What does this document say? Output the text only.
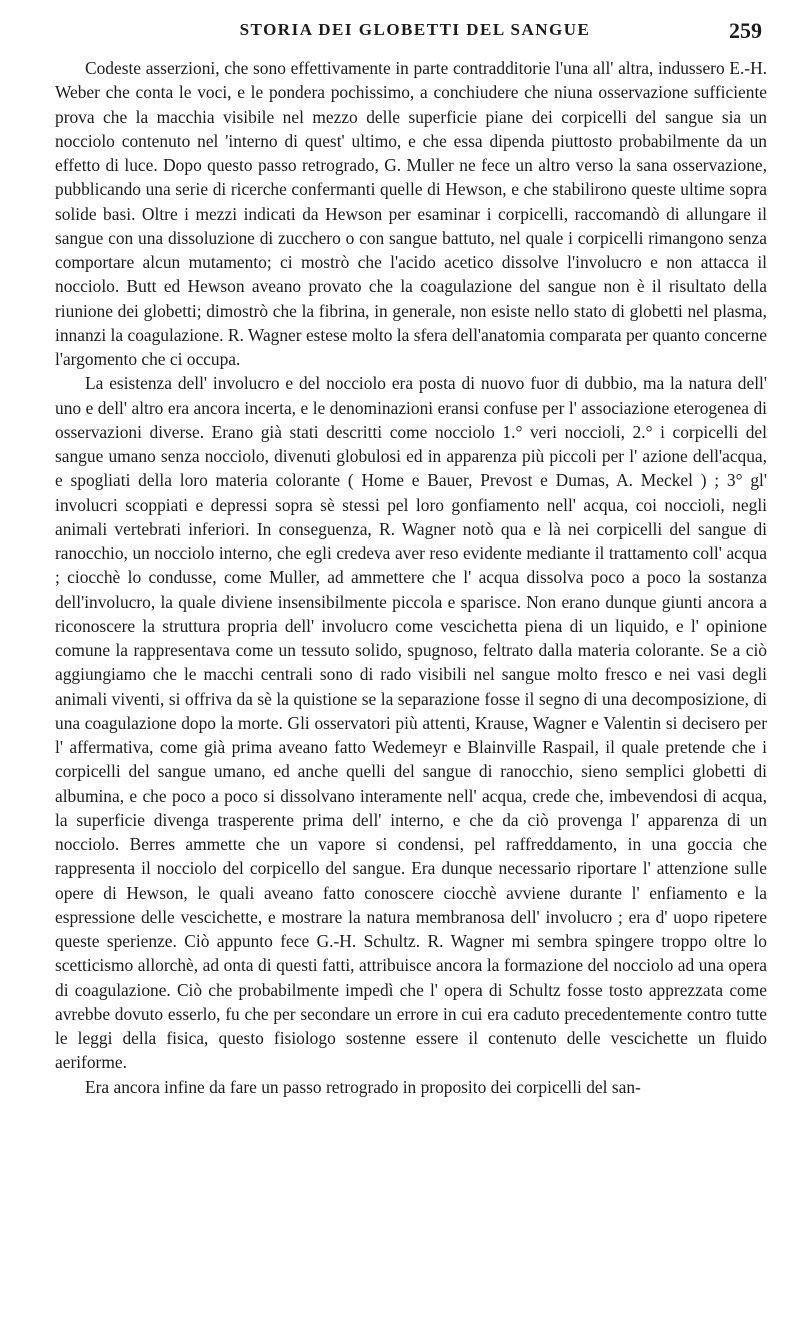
STORIA DEI GLOBETTI DEL SANGUE	259

Codeste asserzioni, che sono effettivamente in parte contradditorie l'una all' altra, indussero E.-H. Weber che conta le voci, e le pondera pochissimo, a conchiudere che niuna osservazione sufficiente prova che la macchia visibile nel mezzo delle superficie piane dei corpicelli del sangue sia un nocciolo contenuto nel 'interno di quest' ultimo, e che essa dipenda piuttosto probabilmente da un effetto di luce. Dopo questo passo retrogrado, G. Muller ne fece un altro verso la sana osservazione, pubblicando una serie di ricerche confermanti quelle di Hewson, e che stabilirono queste ultime sopra solide basi. Oltre i mezzi indicati da Hewson per esaminar i corpicelli, raccomandò di allungare il sangue con una dissoluzione di zucchero o con sangue battuto, nel quale i corpicelli rimangono senza comportare alcun mutamento; ci mostrò che l'acido acetico dissolve l'involucro e non attacca il nocciolo. Butt ed Hewson aveano provato che la coagulazione del sangue non è il risultato della riunione dei globetti; dimostrò che la fibrina, in generale, non esiste nello stato di globetti nel plasma, innanzi la coagulazione. R. Wagner estese molto la sfera dell'anatomia comparata per quanto concerne l'argomento che ci occupa.

La esistenza dell' involucro e del nocciolo era posta di nuovo fuor di dubbio, ma la natura dell' uno e dell' altro era ancora incerta, e le denominazioni eransi confuse per l' associazione eterogenea di osservazioni diverse. Erano già stati descritti come nocciolo 1.° veri noccioli, 2.° i corpicelli del sangue umano senza nocciolo, divenuti globulosi ed in apparenza più piccoli per l' azione dell'acqua, e spogliati della loro materia colorante ( Home e Bauer, Prevost e Dumas, A. Meckel ) ; 3° gl' involucri scoppiati e depressi sopra sè stessi pel loro gonfiamento nell' acqua, coi noccioli, negli animali vertebrati inferiori. In conseguenza, R. Wagner notò qua e là nei corpicelli del sangue di ranocchio, un nocciolo interno, che egli credeva aver reso evidente mediante il trattamento coll' acqua ; ciocchè lo condusse, come Muller, ad ammettere che l' acqua dissolva poco a poco la sostanza dell'involucro, la quale diviene insensibilmente piccola e sparisce. Non erano dunque giunti ancora a riconoscere la struttura propria dell' involucro come vescichetta piena di un liquido, e l' opinione comune la rappresentava come un tessuto solido, spugnoso, feltrato dalla materia colorante. Se a ciò aggiungiamo che le macchi centrali sono di rado visibili nel sangue molto fresco e nei vasi degli animali viventi, si offriva da sè la quistione se la separazione fosse il segno di una decomposizione, di una coagulazione dopo la morte. Gli osservatori più attenti, Krause, Wagner e Valentin si decisero per l' affermativa, come già prima aveano fatto Wedemeyr e Blainville Raspail, il quale pretende che i corpicelli del sangue umano, ed anche quelli del sangue di ranocchio, sieno semplici globetti di albumina, e che poco a poco si dissolvano interamente nell' acqua, crede che, imbevendosi di acqua, la superficie divenga trasperente prima dell' interno, e che da ciò provenga l' apparenza di un nocciolo. Berres ammette che un vapore si condensi, pel raffreddamento, in una goccia che rappresenta il nocciolo del corpicello del sangue. Era dunque necessario riportare l' attenzione sulle opere di Hewson, le quali aveano fatto conoscere ciocchè avviene durante l' enfiamento e la espressione delle vescichette, e mostrare la natura membranosa dell' involucro ; era d' uopo ripetere queste sperienze. Ciò appunto fece G.-H. Schultz. R. Wagner mi sembra spingere troppo oltre lo scetticismo allorchè, ad onta di questi fatti, attribuisce ancora la formazione del nocciolo ad una opera di coagulazione. Ciò che probabilmente impedì che l' opera di Schultz fosse tosto apprezzata come avrebbe dovuto esserlo, fu che per secondare un errore in cui era caduto precedentemente contro tutte le leggi della fisica, questo fisiologo sostenne essere il contenuto delle vescichette un fluido aeriforme.

Era ancora infine da fare un passo retrogrado in proposito dei corpicelli del san-
